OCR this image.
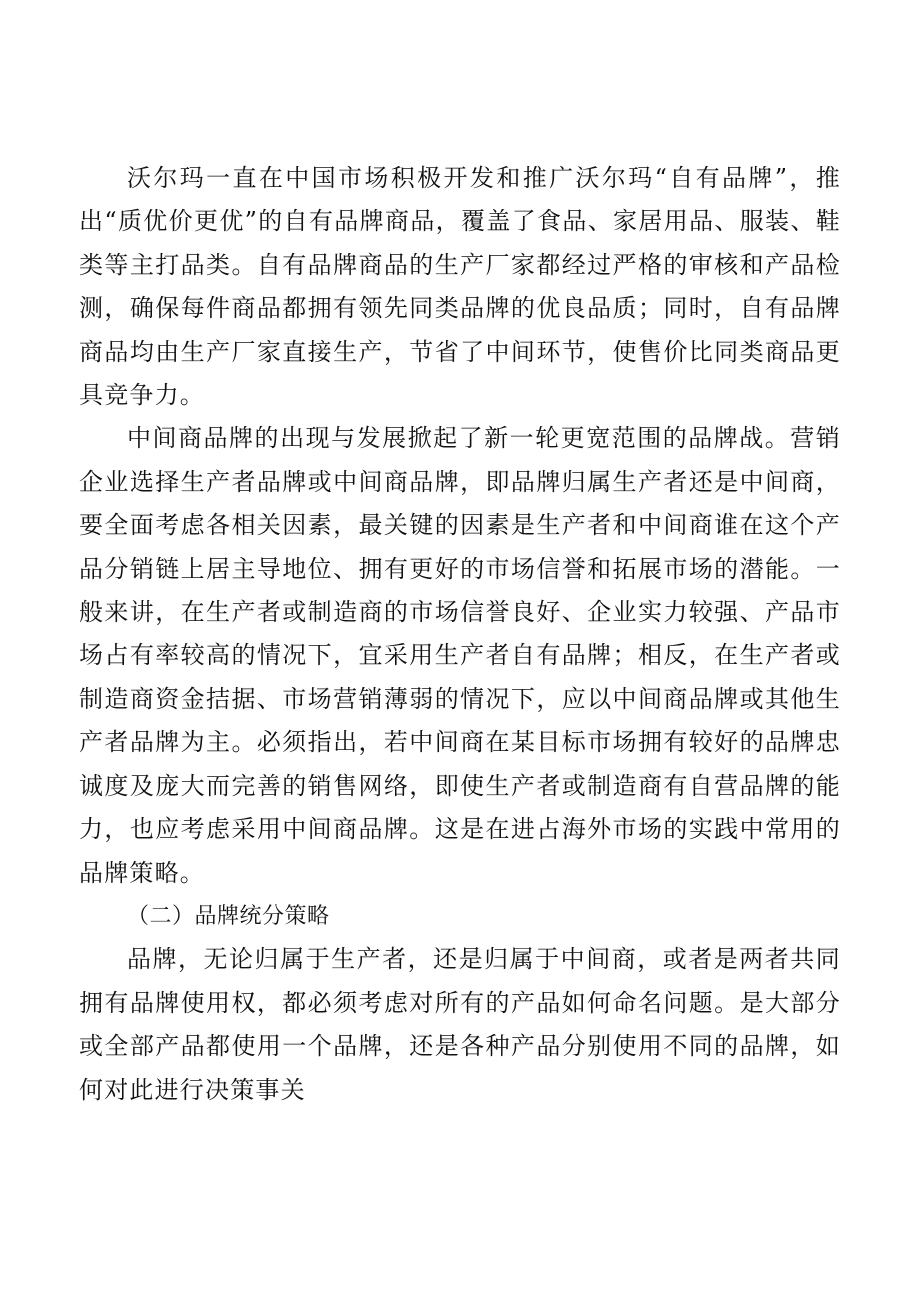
沃尔玛一直在中国市场积极开发和推广沃尔玛“自有品牌”，推出“质优价更优”的自有品牌商品，覆盖了食品、家居用品、服装、鞋类等主打品类。自有品牌商品的生产厂家都经过严格的审核和产品检测，确保每件商品都拥有领先同类品牌的优良品质；同时，自有品牌商品均由生产厂家直接生产，节省了中间环节，使售价比同类商品更具竞争力。

中间商品牌的出现与发展掀起了新一轮更宽范围的品牌战。营销企业选择生产者品牌或中间商品牌，即品牌归属生产者还是中间商，要全面考虑各相关因素，最关键的因素是生产者和中间商谁在这个产品分销链上居主导地位、拥有更好的市场信誉和拓展市场的潜能。一般来讲，在生产者或制造商的市场信誉良好、企业实力较强、产品市场占有率较高的情况下，宜采用生产者自有品牌；相反，在生产者或制造商资金拮据、市场营销薄弱的情况下，应以中间商品牌或其他生产者品牌为主。必须指出，若中间商在某目标市场拥有较好的品牌忠诚度及庞大而完善的销售网络，即使生产者或制造商有自营品牌的能力，也应考虑采用中间商品牌。这是在进占海外市场的实践中常用的品牌策略。

（二）品牌统分策略

品牌，无论归属于生产者，还是归属于中间商，或者是两者共同拥有品牌使用权，都必须考虑对所有的产品如何命名问题。是大部分或全部产品都使用一个品牌，还是各种产品分别使用不同的品牌，如何对此进行决策事关
